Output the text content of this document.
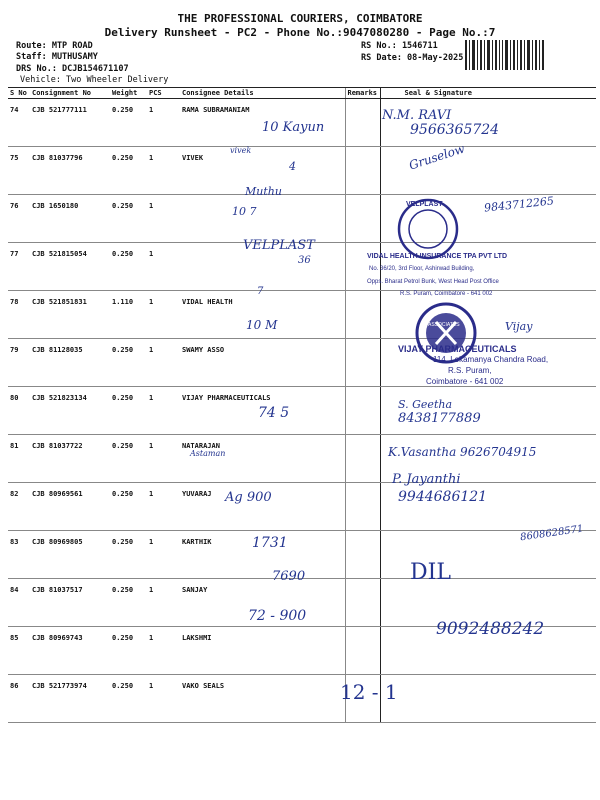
THE PROFESSIONAL COURIERS, COIMBATORE
Delivery Runsheet - PC2 - Phone No.:9047080280 - Page No.:7
Route: MTP ROAD
Staff: MUTHUSAMY
DRS No.: DCJB154671107
Vehicle: Two Wheeler Delivery
RS No.: 1546711
RS Date: 08-May-2025
S No	Consignment No	Weight	PCS	Consignee Details	Remarks	Seal & Signature
74	CJB 521777111	0.250	1	RAMA SUBRAMANIAM		
75	CJB 81037796	0.250	1	VIVEK		
76	CJB 1650180	0.250	1			
77	CJB 521815054	0.250	1			
78	CJB 521851831	1.110	1	VIDAL HEALTH		
79	CJB 81128035	0.250	1	SWAMY ASSO		
80	CJB 521823134	0.250	1	VIJAY PHARMACEUTICALS		
81	CJB 81037722	0.250	1	NATARAJAN		
82	CJB 80969561	0.250	1	YUVARAJ		
83	CJB 80969805	0.250	1	KARTHIK		
84	CJB 81037517	0.250	1	SANJAY		
85	CJB 80969743	0.250	1	LAKSHMI		
86	CJB 521773974	0.250	1	VAKO SEALS		
VELPLAST
VIDAL HEALTH INSURANCE TPA PVT LTD
No. 36/20, 3rd Floor, Ashirwad Building,
Opps. Bharat Petrol Bunk, West Head Post Office
R.S. Puram, Coimbatore - 641 002
ASSOCIATES
VIJAY PHARMACEUTICALS
114, Lokamanya Chandra Road,
R.S. Puram,
Coimbatore - 641 002
N.M. RAVI
9566365724
10 Kayun
Gruselow
vivek
4
Muthu
10 7	9843712265
VELPLAST
36
7
10 M	Vijay
74 5
S. Geetha
8438177889
Astaman	K.Vasantha 9626704915
Ag 900
P. Jayanthi
9944686121
1731	8608628571
7690	DIL
72 - 900
9092488242
12 - 1
